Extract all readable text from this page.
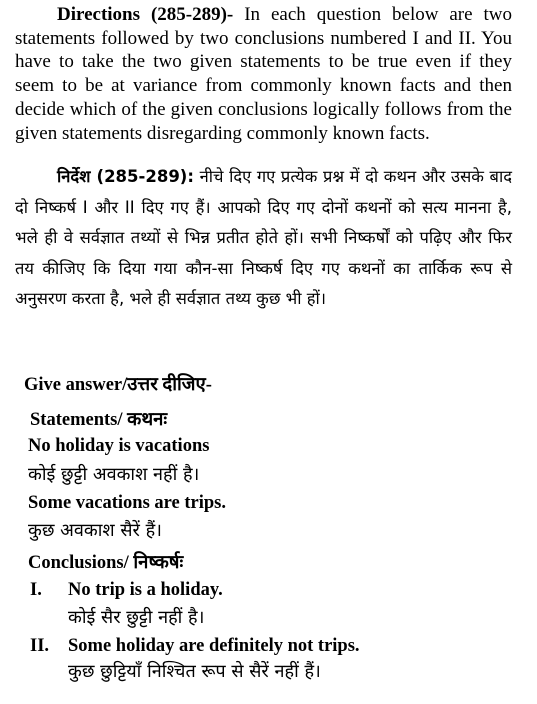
Directions (285-289)- In each question below are two statements followed by two conclusions numbered I and II. You have to take the two given statements to be true even if they seem to be at variance from commonly known facts and then decide which of the given conclusions logically follows from the given statements disregarding commonly known facts.

निर्देश (285-289): नीचे दिए गए प्रत्येक प्रश्न में दो कथन और उसके बाद दो निष्कर्ष I और II दिए गए हैं। आपको दिए गए दोनों कथनों को सत्य मानना है, भले ही वे सर्वज्ञात तथ्यों से भिन्न प्रतीत होते हों। सभी निष्कर्षों को पढ़िए और फिर तय कीजिए कि दिया गया कौन-सा निष्कर्ष दिए गए कथनों का तार्किक रूप से अनुसरण करता है, भले ही सर्वज्ञात तथ्य कुछ भी हों।
Give answer/उत्तर दीजिए-
Statements/ कथनः
No holiday is vacations
कोई छुट्टी अवकाश नहीं है।
Some vacations are trips.
कुछ अवकाश सैरें हैं।
Conclusions/ निष्कर्षः
I. No trip is a holiday.
कोई सैर छुट्टी नहीं है।
II. Some holiday are definitely not trips.
कुछ छुट्टियाँ निश्चित रूप से सैरें नहीं हैं।
